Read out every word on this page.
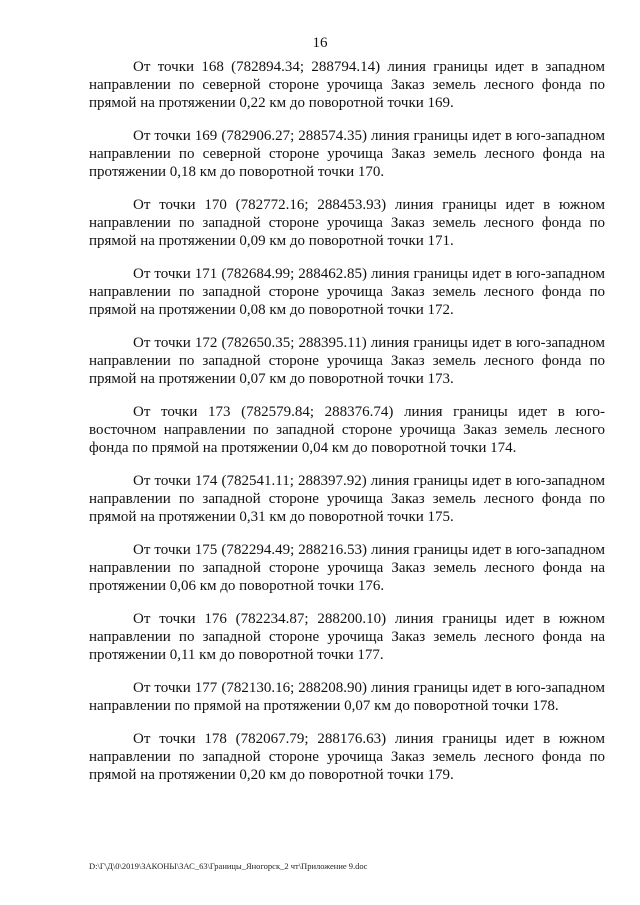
16

От точки 168 (782894.34; 288794.14) линия границы идет в западном направлении по северной стороне урочища Заказ земель лесного фонда по прямой на протяжении 0,22 км до поворотной точки 169.

От точки 169 (782906.27; 288574.35) линия границы идет в юго-западном направлении по северной стороне урочища Заказ земель лесного фонда на протяжении 0,18 км до поворотной точки 170.

От точки 170 (782772.16; 288453.93) линия границы идет в южном направлении по западной стороне урочища Заказ земель лесного фонда по прямой на протяжении 0,09 км до поворотной точки 171.

От точки 171 (782684.99; 288462.85) линия границы идет в юго-западном направлении по западной стороне урочища Заказ земель лесного фонда по прямой на протяжении 0,08 км до поворотной точки 172.

От точки 172 (782650.35; 288395.11) линия границы идет в юго-западном направлении по западной стороне урочища Заказ земель лесного фонда по прямой на протяжении 0,07 км до поворотной точки 173.

От точки 173 (782579.84; 288376.74) линия границы идет в юго-восточном направлении по западной стороне урочища Заказ земель лесного фонда по прямой на протяжении 0,04 км до поворотной точки 174.

От точки 174 (782541.11; 288397.92) линия границы идет в юго-западном направлении по западной стороне урочища Заказ земель лесного фонда по прямой на протяжении 0,31 км до поворотной точки 175.

От точки 175 (782294.49; 288216.53) линия границы идет в юго-западном направлении по западной стороне урочища Заказ земель лесного фонда на протяжении 0,06 км до поворотной точки 176.

От точки 176 (782234.87; 288200.10) линия границы идет в южном направлении по западной стороне урочища Заказ земель лесного фонда на протяжении 0,11 км до поворотной точки 177.

От точки 177 (782130.16; 288208.90) линия границы идет в юго-западном направлении по прямой на протяжении 0,07 км до поворотной точки 178.

От точки 178 (782067.79; 288176.63) линия границы идет в южном направлении по западной стороне урочища Заказ земель лесного фонда по прямой на протяжении 0,20 км до поворотной точки 179.

D:\Г\Д\0\2019\ЗАКОНЫ\ЗАС_63\Границы_Яногорск_2 чт\Приложение 9.doc
